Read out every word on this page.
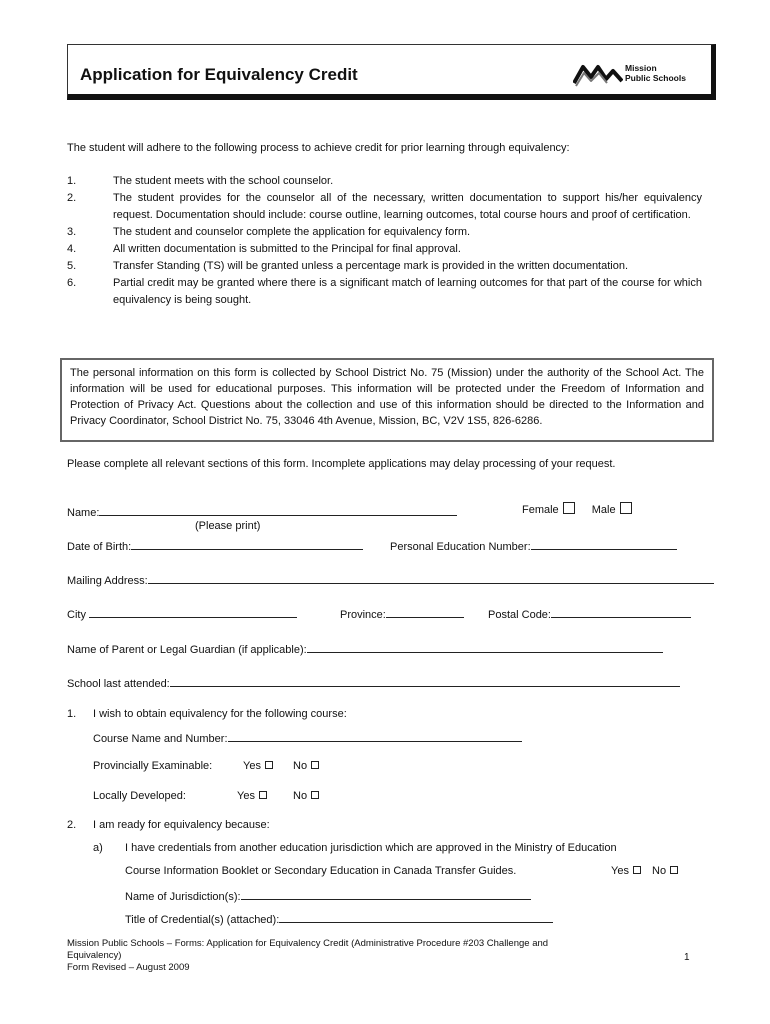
Application for Equivalency Credit	Mission
Public Schools
The student will adhere to the following process to achieve credit for prior learning through equivalency:
1.	The student meets with the school counselor.
2.	The student provides for the counselor all of the necessary, written documentation to support his/her equivalency request. Documentation should include: course outline, learning outcomes, total course hours and proof of certification.
3.	The student and counselor complete the application for equivalency form.
4.	All written documentation is submitted to the Principal for final approval.
5.	Transfer Standing (TS) will be granted unless a percentage mark is provided in the written documentation.
6.	Partial credit may be granted where there is a significant match of learning outcomes for that part of the course for which equivalency is being sought.
The personal information on this form is collected by School District No. 75 (Mission) under the authority of the School Act. The information will be used for educational purposes. This information will be protected under the Freedom of Information and Protection of Privacy Act. Questions about the collection and use of this information should be directed to the Information and Privacy Coordinator, School District No. 75, 33046 4th Avenue, Mission, BC, V2V 1S5, 826-6286.
Please complete all relevant sections of this form. Incomplete applications may delay processing of your request.
Name:	Female	Male
(Please print)
Date of Birth:	Personal Education Number:
Mailing Address:
City	Province:	Postal Code:
Name of Parent or Legal Guardian (if applicable):
School last attended:
1. I wish to obtain equivalency for the following course:
Course Name and Number:
Provincially Examinable:	Yes	No
Locally Developed:	Yes	No
2. I am ready for equivalency because:
a) I have credentials from another education jurisdiction which are approved in the Ministry of Education
Course Information Booklet or Secondary Education in Canada Transfer Guides.	Yes No
Name of Jurisdiction(s):
Title of Credential(s) (attached):
Mission Public Schools – Forms: Application for Equivalency Credit (Administrative Procedure #203 Challenge and
Equivalency)
Form Revised – August 2009
1
